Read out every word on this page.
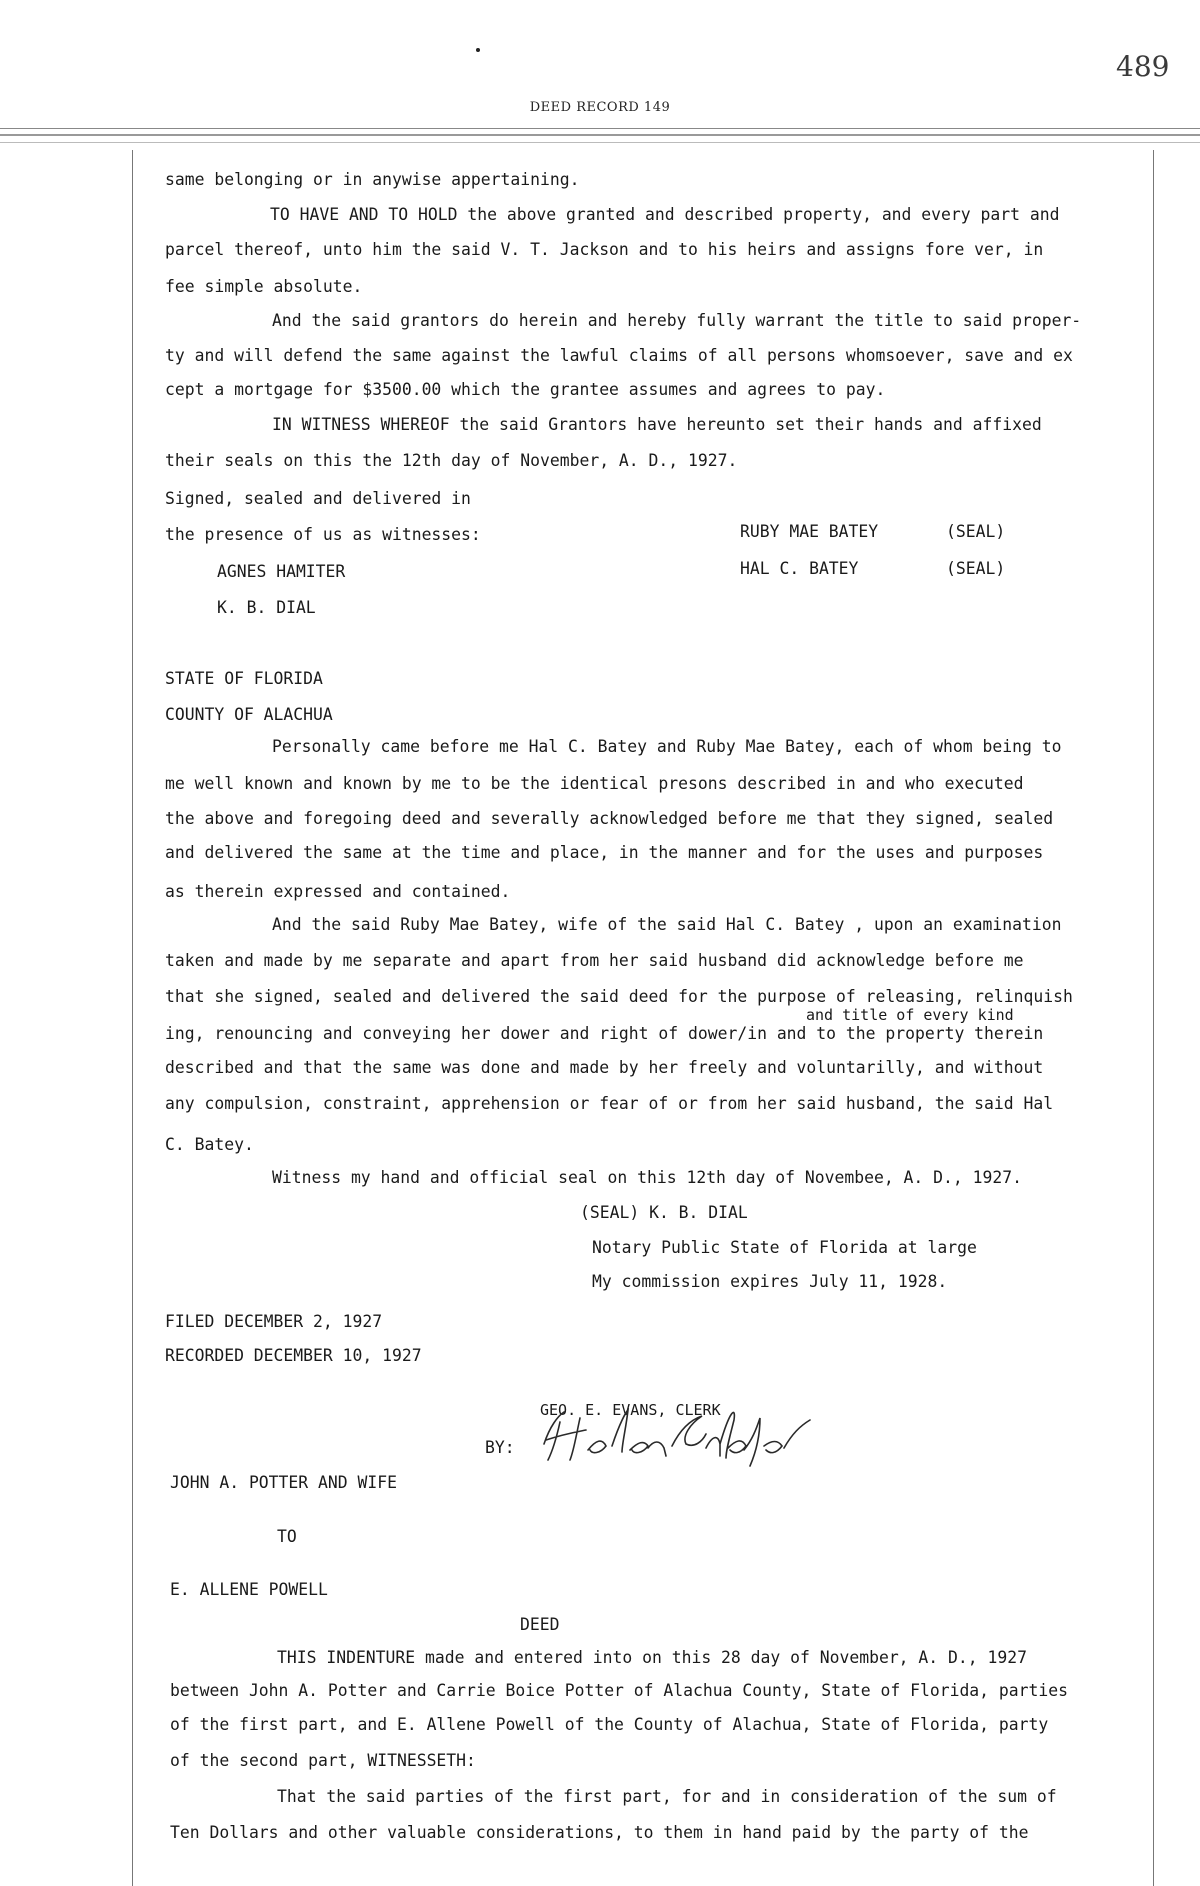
489
DEED RECORD 149
same belonging or in anywise appertaining.
TO HAVE AND TO HOLD the above granted and described property, and every part and
parcel thereof, unto him the said V. T. Jackson and to his heirs and assigns fore ver, in
fee simple absolute.
And the said grantors do herein and hereby fully warrant the title to said proper-
ty and will defend the same against the lawful claims of all persons whomsoever, save and ex
cept a mortgage for $3500.00 which the grantee assumes and agrees to pay.
IN WITNESS WHEREOF the said Grantors have hereunto set their hands and affixed
their seals on this the 12th day of November, A. D., 1927.
Signed, sealed and delivered in
the presence of us as witnesses:	RUBY MAE BATEY	(SEAL)
AGNES HAMITER	HAL C. BATEY	(SEAL)
K. B. DIAL
STATE OF FLORIDA
COUNTY OF ALACHUA
Personally came before me Hal C. Batey and Ruby Mae Batey, each of whom being to
me well known and known by me to be the identical presons described in and who executed
the above and foregoing deed and severally acknowledged before me that they signed, sealed
and delivered the same at the time and place, in the manner and for the uses and purposes
as therein expressed and contained.
And the said Ruby Mae Batey, wife of the said Hal C. Batey , upon an examination
taken and made by me separate and apart from her said husband did acknowledge before me
that she signed, sealed and delivered the said deed for the purpose of releasing, relinquish
and title of every kind
ing, renouncing and conveying her dower and right of dower/in and to the property therein
described and that the same was done and made by her freely and voluntarilly, and without
any compulsion, constraint, apprehension or fear of or from her said husband, the said Hal
C. Batey.
Witness my hand and official seal on this 12th day of Novembee, A. D., 1927.
(SEAL) K. B. DIAL
Notary Public State of Florida at large
My commission expires July 11, 1928.
FILED DECEMBER 2, 1927
RECORDED DECEMBER 10, 1927
GEO. E. EVANS, CLERK
BY:
JOHN A. POTTER AND WIFE
TO
E. ALLENE POWELL
DEED
THIS INDENTURE made and entered into on this 28 day of November, A. D., 1927
between John A. Potter and Carrie Boice Potter of Alachua County, State of Florida, parties
of the first part, and E. Allene Powell of the County of Alachua, State of Florida, party
of the second part, WITNESSETH:
That the said parties of the first part, for and in consideration of the sum of
Ten Dollars and other valuable considerations, to them in hand paid by the party of the
